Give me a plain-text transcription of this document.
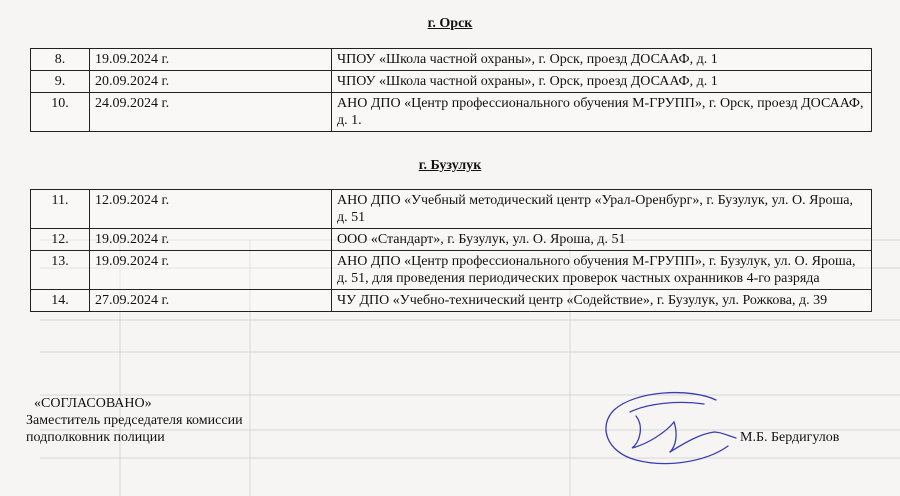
г. Орск
8.	19.09.2024 г.	ЧПОУ «Школа частной охраны», г. Орск, проезд ДОСААФ, д. 1
9.	20.09.2024 г.	ЧПОУ «Школа частной охраны», г. Орск, проезд ДОСААФ, д. 1
10.	24.09.2024 г.	АНО ДПО «Центр профессионального обучения М-ГРУПП», г. Орск, проезд ДОСААФ, д. 1.
г. Бузулук
11.	12.09.2024 г.	АНО ДПО «Учебный методический центр «Урал-Оренбург», г. Бузулук, ул. О. Яроша, д. 51
12.	19.09.2024 г.	ООО «Стандарт», г. Бузулук, ул. О. Яроша, д. 51
13.	19.09.2024 г.	АНО ДПО «Центр профессионального обучения М-ГРУПП», г. Бузулук, ул. О. Яроша, д. 51, для проведения периодических проверок частных охранников 4-го разряда
14.	27.09.2024 г.	ЧУ ДПО «Учебно-технический центр «Содействие», г. Бузулук, ул. Рожкова, д. 39
«СОГЛАСОВАНО»
Заместитель председателя комиссии
подполковник полиции	М.Б. Бердигулов
